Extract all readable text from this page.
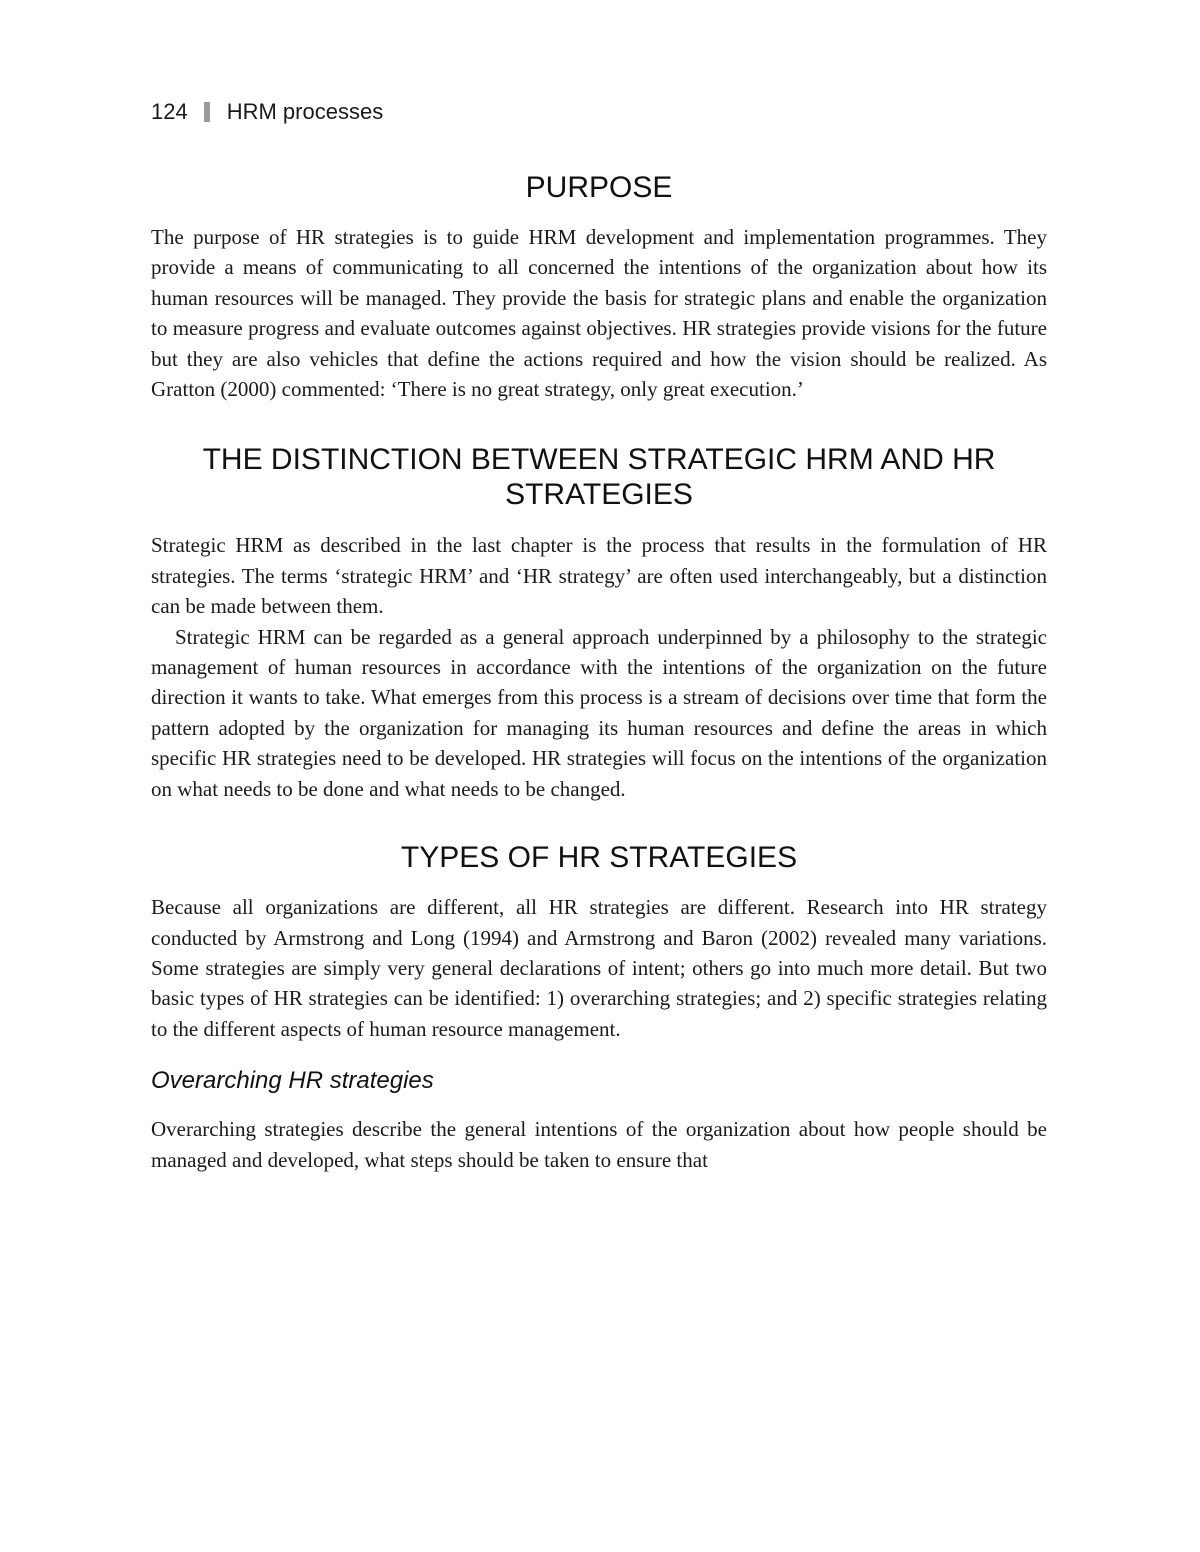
124 HRM processes
PURPOSE

The purpose of HR strategies is to guide HRM development and implementation programmes. They provide a means of communicating to all concerned the intentions of the organization about how its human resources will be managed. They provide the basis for strategic plans and enable the organization to measure progress and evaluate outcomes against objectives. HR strategies provide visions for the future but they are also vehicles that define the actions required and how the vision should be realized. As Gratton (2000) commented: ‘There is no great strategy, only great execution.’

THE DISTINCTION BETWEEN STRATEGIC HRM AND HR STRATEGIES

Strategic HRM as described in the last chapter is the process that results in the formulation of HR strategies. The terms ‘strategic HRM’ and ‘HR strategy’ are often used interchangeably, but a distinction can be made between them.

Strategic HRM can be regarded as a general approach underpinned by a philosophy to the strategic management of human resources in accordance with the intentions of the organization on the future direction it wants to take. What emerges from this process is a stream of decisions over time that form the pattern adopted by the organization for managing its human resources and define the areas in which specific HR strategies need to be developed. HR strategies will focus on the intentions of the organization on what needs to be done and what needs to be changed.

TYPES OF HR STRATEGIES

Because all organizations are different, all HR strategies are different. Research into HR strategy conducted by Armstrong and Long (1994) and Armstrong and Baron (2002) revealed many variations. Some strategies are simply very general declarations of intent; others go into much more detail. But two basic types of HR strategies can be identified: 1) overarching strategies; and 2) specific strategies relating to the different aspects of human resource management.

Overarching HR strategies

Overarching strategies describe the general intentions of the organization about how people should be managed and developed, what steps should be taken to ensure that
